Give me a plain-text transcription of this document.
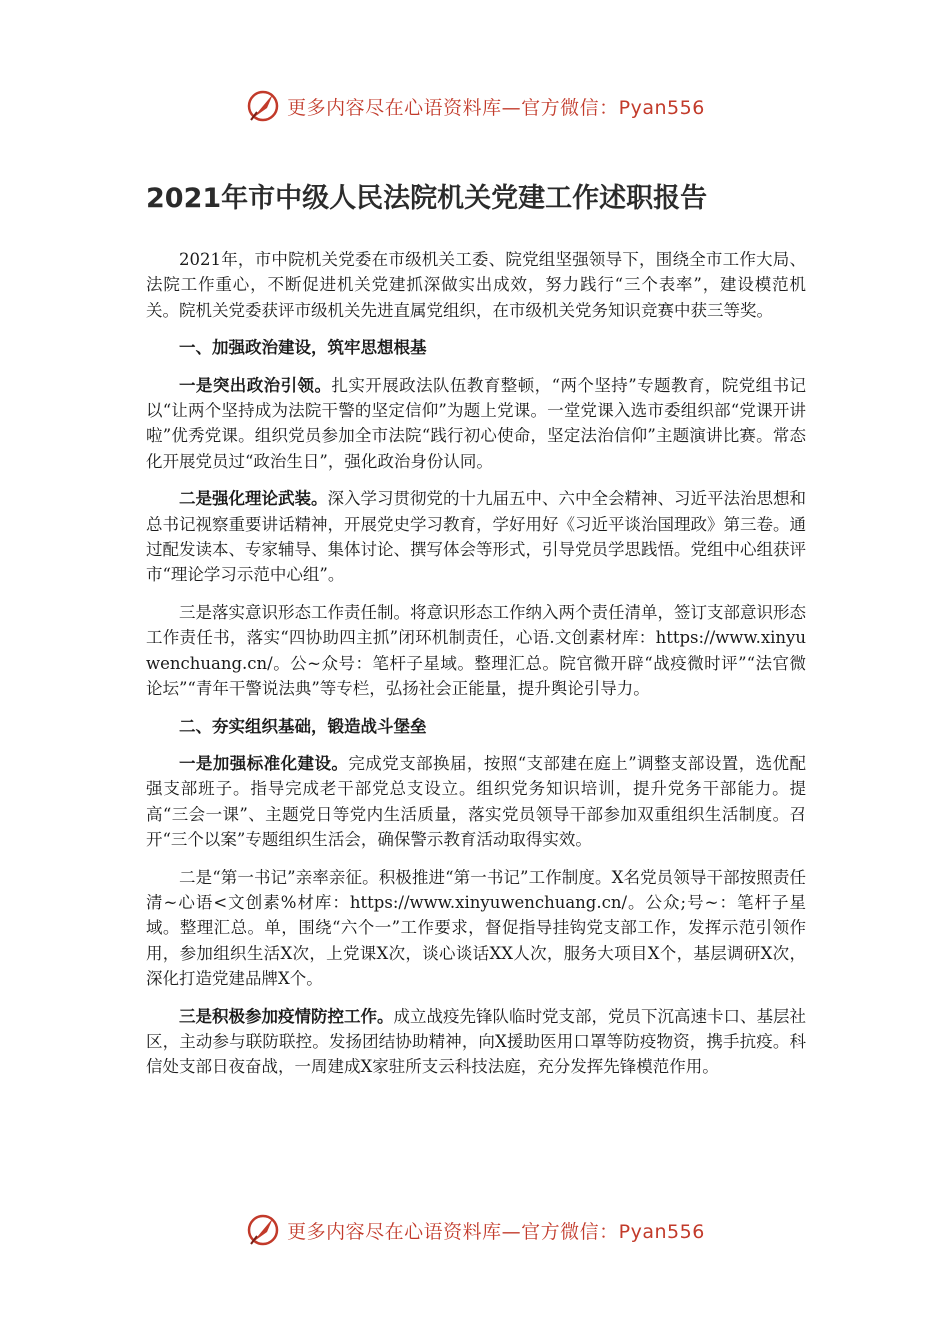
更多内容尽在心语资料库—官方微信：Pyan556
2021年市中级人民法院机关党建工作述职报告

2021年，市中院机关党委在市级机关工委、院党组坚强领导下，围绕全市工作大局、法院工作重心，不断促进机关党建抓深做实出成效，努力践行“三个表率”，建设模范机关。院机关党委获评市级机关先进直属党组织，在市级机关党务知识竞赛中获三等奖。

一、加强政治建设，筑牢思想根基

一是突出政治引领。扎实开展政法队伍教育整顿，“两个坚持”专题教育，院党组书记以“让两个坚持成为法院干警的坚定信仰”为题上党课。一堂党课入选市委组织部“党课开讲啦”优秀党课。组织党员参加全市法院“践行初心使命，坚定法治信仰”主题演讲比赛。常态化开展党员过“政治生日”，强化政治身份认同。

二是强化理论武装。深入学习贯彻党的十九届五中、六中全会精神、习近平法治思想和总书记视察重要讲话精神，开展党史学习教育，学好用好《习近平谈治国理政》第三卷。通过配发读本、专家辅导、集体讨论、撰写体会等形式，引导党员学思践悟。党组中心组获评市“理论学习示范中心组”。

三是落实意识形态工作责任制。将意识形态工作纳入两个责任清单，签订支部意识形态工作责任书，落实“四协助四主抓”闭环机制责任，心语.文创素材库：https://www.xinyuwenchuang.cn/。公~众号：笔杆子星域。整理汇总。院官微开辟“战疫微时评”“法官微论坛”“青年干警说法典”等专栏，弘扬社会正能量，提升舆论引导力。

二、夯实组织基础，锻造战斗堡垒

一是加强标准化建设。完成党支部换届，按照“支部建在庭上”调整支部设置，选优配强支部班子。指导完成老干部党总支设立。组织党务知识培训，提升党务干部能力。提高“三会一课”、主题党日等党内生活质量，落实党员领导干部参加双重组织生活制度。召开“三个以案”专题组织生活会，确保警示教育活动取得实效。

二是“第一书记”亲率亲征。积极推进“第一书记”工作制度。X名党员领导干部按照责任清~心语<文创素%材库：https://www.xinyuwenchuang.cn/。公众;号~：笔杆子星域。整理汇总。单，围绕“六个一”工作要求，督促指导挂钩党支部工作，发挥示范引领作用，参加组织生活X次，上党课X次，谈心谈话XX人次，服务大项目X个，基层调研X次，深化打造党建品牌X个。

三是积极参加疫情防控工作。成立战疫先锋队临时党支部，党员下沉高速卡口、基层社区，主动参与联防联控。发扬团结协助精神，向X援助医用口罩等防疫物资，携手抗疫。科信处支部日夜奋战，一周建成X家驻所支云科技法庭，充分发挥先锋模范作用。

更多内容尽在心语资料库—官方微信：Pyan556
